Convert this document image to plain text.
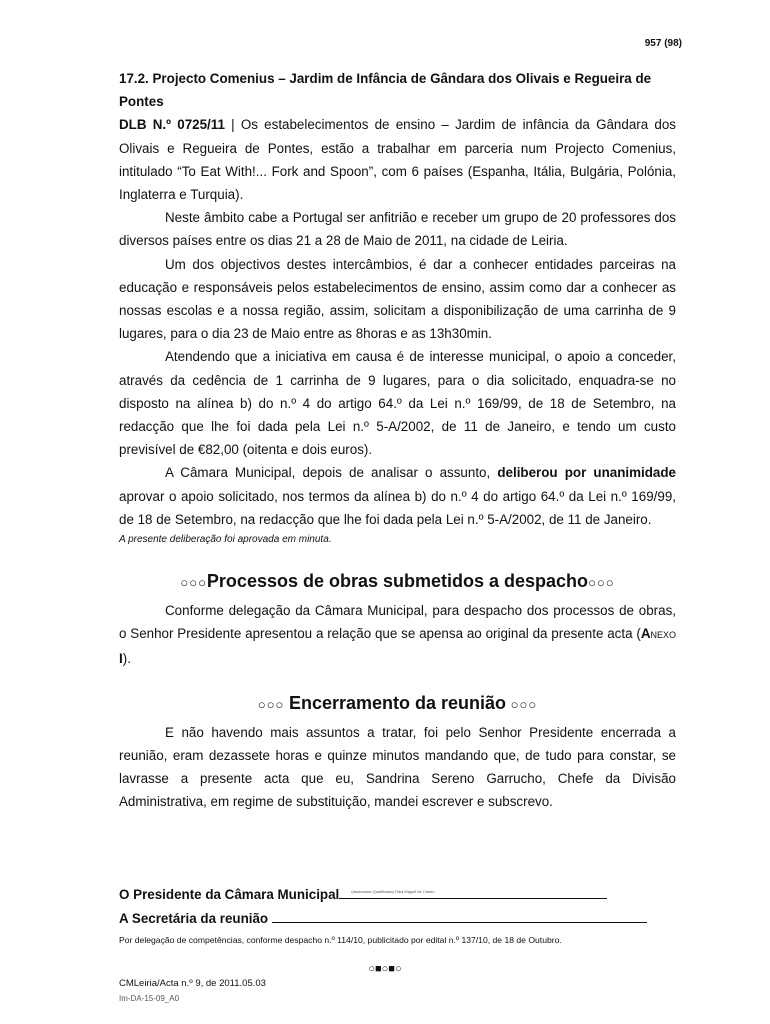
957 (98)

17.2. Projecto Comenius – Jardim de Infância de Gândara dos Olivais e Regueira de Pontes

DLB N.º 0725/11 | Os estabelecimentos de ensino – Jardim de infância da Gândara dos Olivais e Regueira de Pontes, estão a trabalhar em parceria num Projecto Comenius, intitulado “To Eat With!... Fork and Spoon”, com 6 países (Espanha, Itália, Bulgária, Polónia, Inglaterra e Turquia).

Neste âmbito cabe a Portugal ser anfitrião e receber um grupo de 20 professores dos diversos países entre os dias 21 a 28 de Maio de 2011, na cidade de Leiria.

Um dos objectivos destes intercâmbios, é dar a conhecer entidades parceiras na educação e responsáveis pelos estabelecimentos de ensino, assim como dar a conhecer as nossas escolas e a nossa região, assim, solicitam a disponibilização de uma carrinha de 9 lugares, para o dia 23 de Maio entre as 8horas e as 13h30min.

Atendendo que a iniciativa em causa é de interesse municipal, o apoio a conceder, através da cedência de 1 carrinha de 9 lugares, para o dia solicitado, enquadra-se no disposto na alínea b) do n.º 4 do artigo 64.º da Lei n.º 169/99, de 18 de Setembro, na redacção que lhe foi dada pela Lei n.º 5-A/2002, de 11 de Janeiro, e tendo um custo previsível de €82,00 (oitenta e dois euros).

A Câmara Municipal, depois de analisar o assunto, deliberou por unanimidade aprovar o apoio solicitado, nos termos da alínea b) do n.º 4 do artigo 64.º da Lei n.º 169/99, de 18 de Setembro, na redacção que lhe foi dada pela Lei n.º 5-A/2002, de 11 de Janeiro.

A presente deliberação foi aprovada em minuta.

○○○Processos de obras submetidos a despacho○○○

Conforme delegação da Câmara Municipal, para despacho dos processos de obras, o Senhor Presidente apresentou a relação que se apensa ao original da presente acta (ANEXO I).

○○○ Encerramento da reunião ○○○

E não havendo mais assuntos a tratar, foi pelo Senhor Presidente encerrada a reunião, eram dezassete horas e quinze minutos mandando que, de tudo para constar, se lavrasse a presente acta que eu, Sandrina Sereno Garrucho, Chefe da Divisão Administrativa, em regime de substituição, mandei escrever e subscrevo.

O Presidente da Câmara Municipal	(Assinatura Qualificada) Raul Miguel de Castro
A Secretária da reunião
Por delegação de competências, conforme despacho n.º 114/10, publicitado por edital n.º 137/10, de 18 de Outubro.
○■○■○
CMLeiria/Acta n.º 9, de 2011.05.03
Im-DA-15-09_A0
